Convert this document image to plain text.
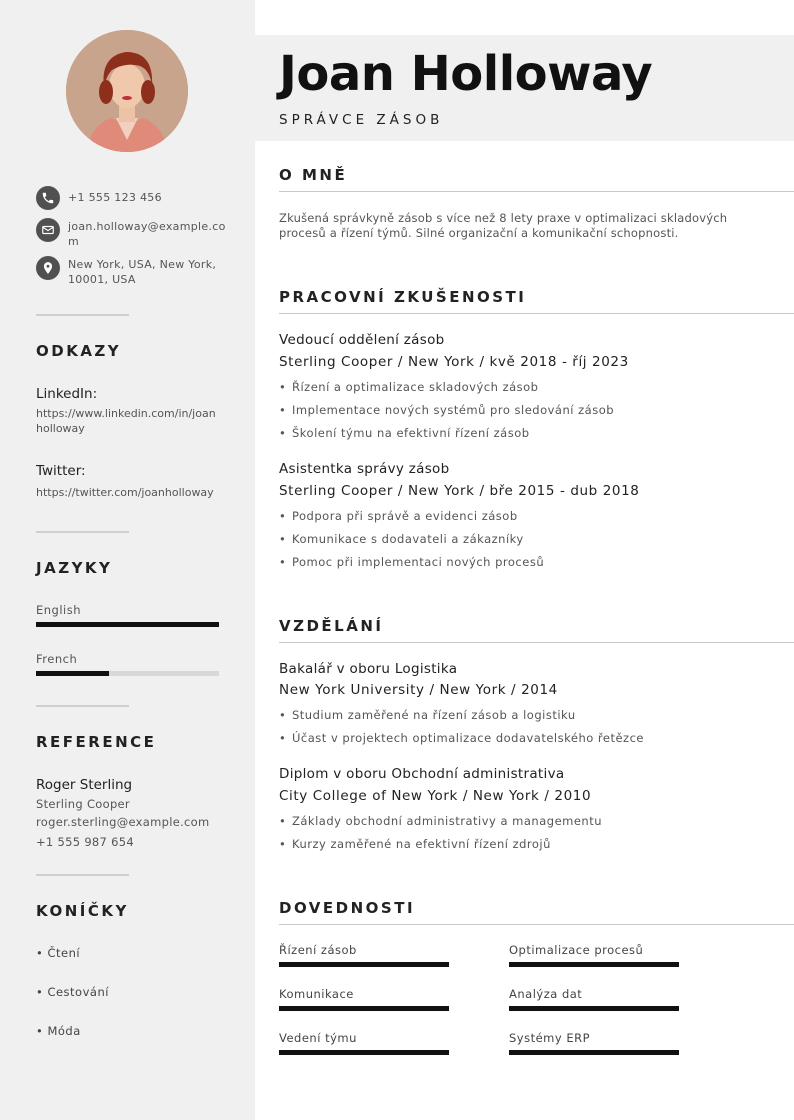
+1 555 123 456
joan.holloway@example.com
New York, USA, New York, 10001, USA
ODKAZY
LinkedIn:
https://www.linkedin.com/in/joanholloway
Twitter:
https://twitter.com/joanholloway
JAZYKY
English
French
REFERENCE
Roger Sterling
Sterling Cooper
roger.sterling@example.com
+1 555 987 654
KONÍČKY
• Čtení
• Cestování
• Móda
Joan Holloway
SPRÁVCE ZÁSOB
O MNĚ
Zkušená správkyně zásob s více než 8 lety praxe v optimalizaci skladových procesů a řízení týmů. Silné organizační a komunikační schopnosti.
PRACOVNÍ ZKUŠENOSTI
Vedoucí oddělení zásob
Sterling Cooper / New York / kvě 2018 - říj 2023
• Řízení a optimalizace skladových zásob
• Implementace nových systémů pro sledování zásob
• Školení týmu na efektivní řízení zásob
Asistentka správy zásob
Sterling Cooper / New York / bře 2015 - dub 2018
• Podpora při správě a evidenci zásob
• Komunikace s dodavateli a zákazníky
• Pomoc při implementaci nových procesů
VZDĚLÁNÍ
Bakalář v oboru Logistika
New York University / New York / 2014
• Studium zaměřené na řízení zásob a logistiku
• Účast v projektech optimalizace dodavatelského řetězce
Diplom v oboru Obchodní administrativa
City College of New York / New York / 2010
• Základy obchodní administrativy a managementu
• Kurzy zaměřené na efektivní řízení zdrojů
DOVEDNOSTI
Řízení zásob	Optimalizace procesů
Komunikace	Analýza dat
Vedení týmu	Systémy ERP
